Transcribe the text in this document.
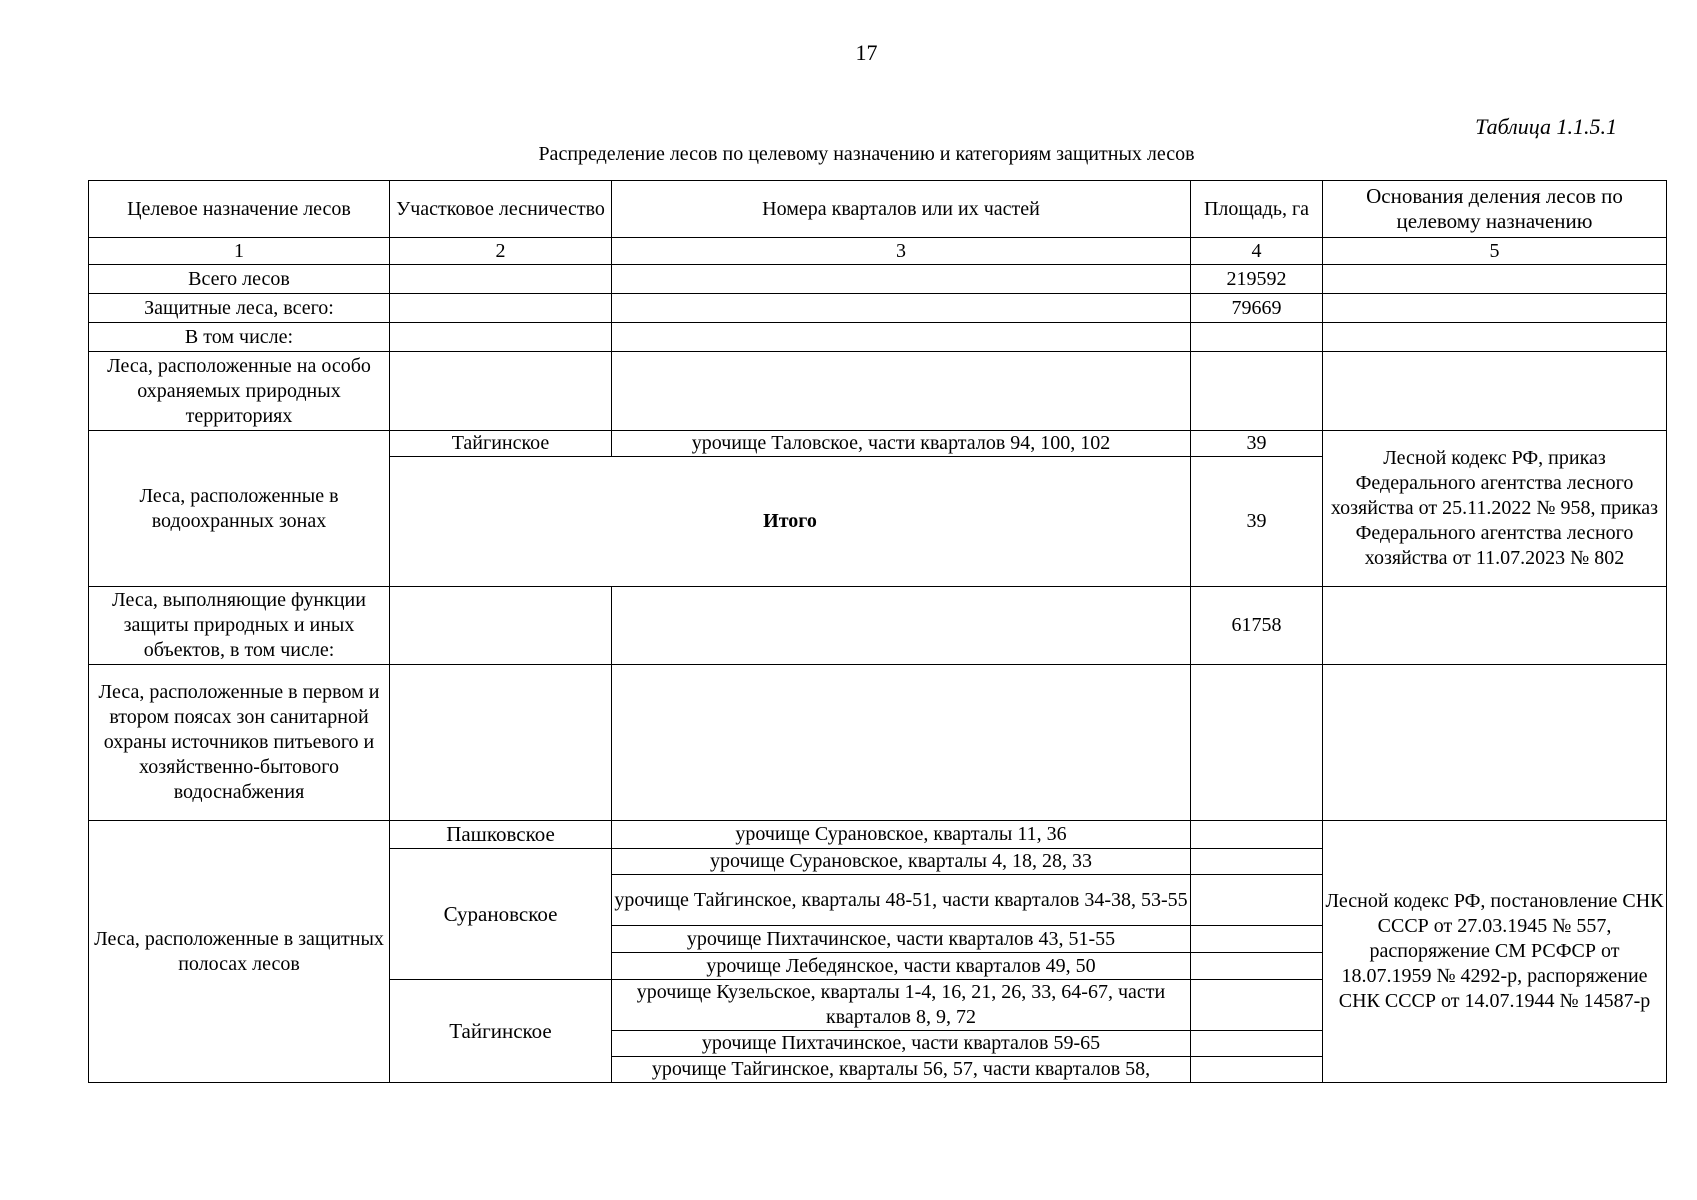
17
Таблица 1.1.5.1
Распределение лесов по целевому назначению и категориям защитных лесов
Целевое назначение лесов	Участковое лесничество	Номера кварталов или их частей	Площадь, га	Основания деления лесов по целевому назначению
1	2	3	4	5
Всего лесов			219592	
Защитные леса, всего:			79669	
В том числе:				
Леса, расположенные на особо охраняемых природных территориях				
Леса, расположенные в водоохранных зонах	Тайгинское	урочище Таловское, части кварталов 94, 100, 102	39	Лесной кодекс РФ, приказ Федерального агентства лесного хозяйства от 25.11.2022 № 958, приказ Федерального агентства лесного хозяйства от 11.07.2023 № 802
	Итого		39	
Леса, выполняющие функции защиты природных и иных объектов, в том числе:			61758	
Леса, расположенные в первом и втором поясах зон санитарной охраны источников питьевого и хозяйственно-бытового водоснабжения				
Леса, расположенные в защитных полосах лесов	Пашковское	урочище Сурановское, кварталы 11, 36		Лесной кодекс РФ, постановление СНК СССР от 27.03.1945 № 557, распоряжение СМ РСФСР от 18.07.1959 № 4292-р, распоряжение СНК СССР от 14.07.1944 № 14587-р
	Сурановское	урочище Сурановское, кварталы 4, 18, 28, 33		
		урочище Тайгинское, кварталы 48-51, части кварталов 34-38, 53-55		
		урочище Пихтачинское, части кварталов 43, 51-55		
		урочище Лебедянское, части кварталов 49, 50		
	Тайгинское	урочище Кузельское, кварталы 1-4, 16, 21, 26, 33, 64-67, части кварталов 8, 9, 72		
		урочище Пихтачинское, части кварталов 59-65		
		урочище Тайгинское, кварталы 56, 57, части кварталов 58,		
